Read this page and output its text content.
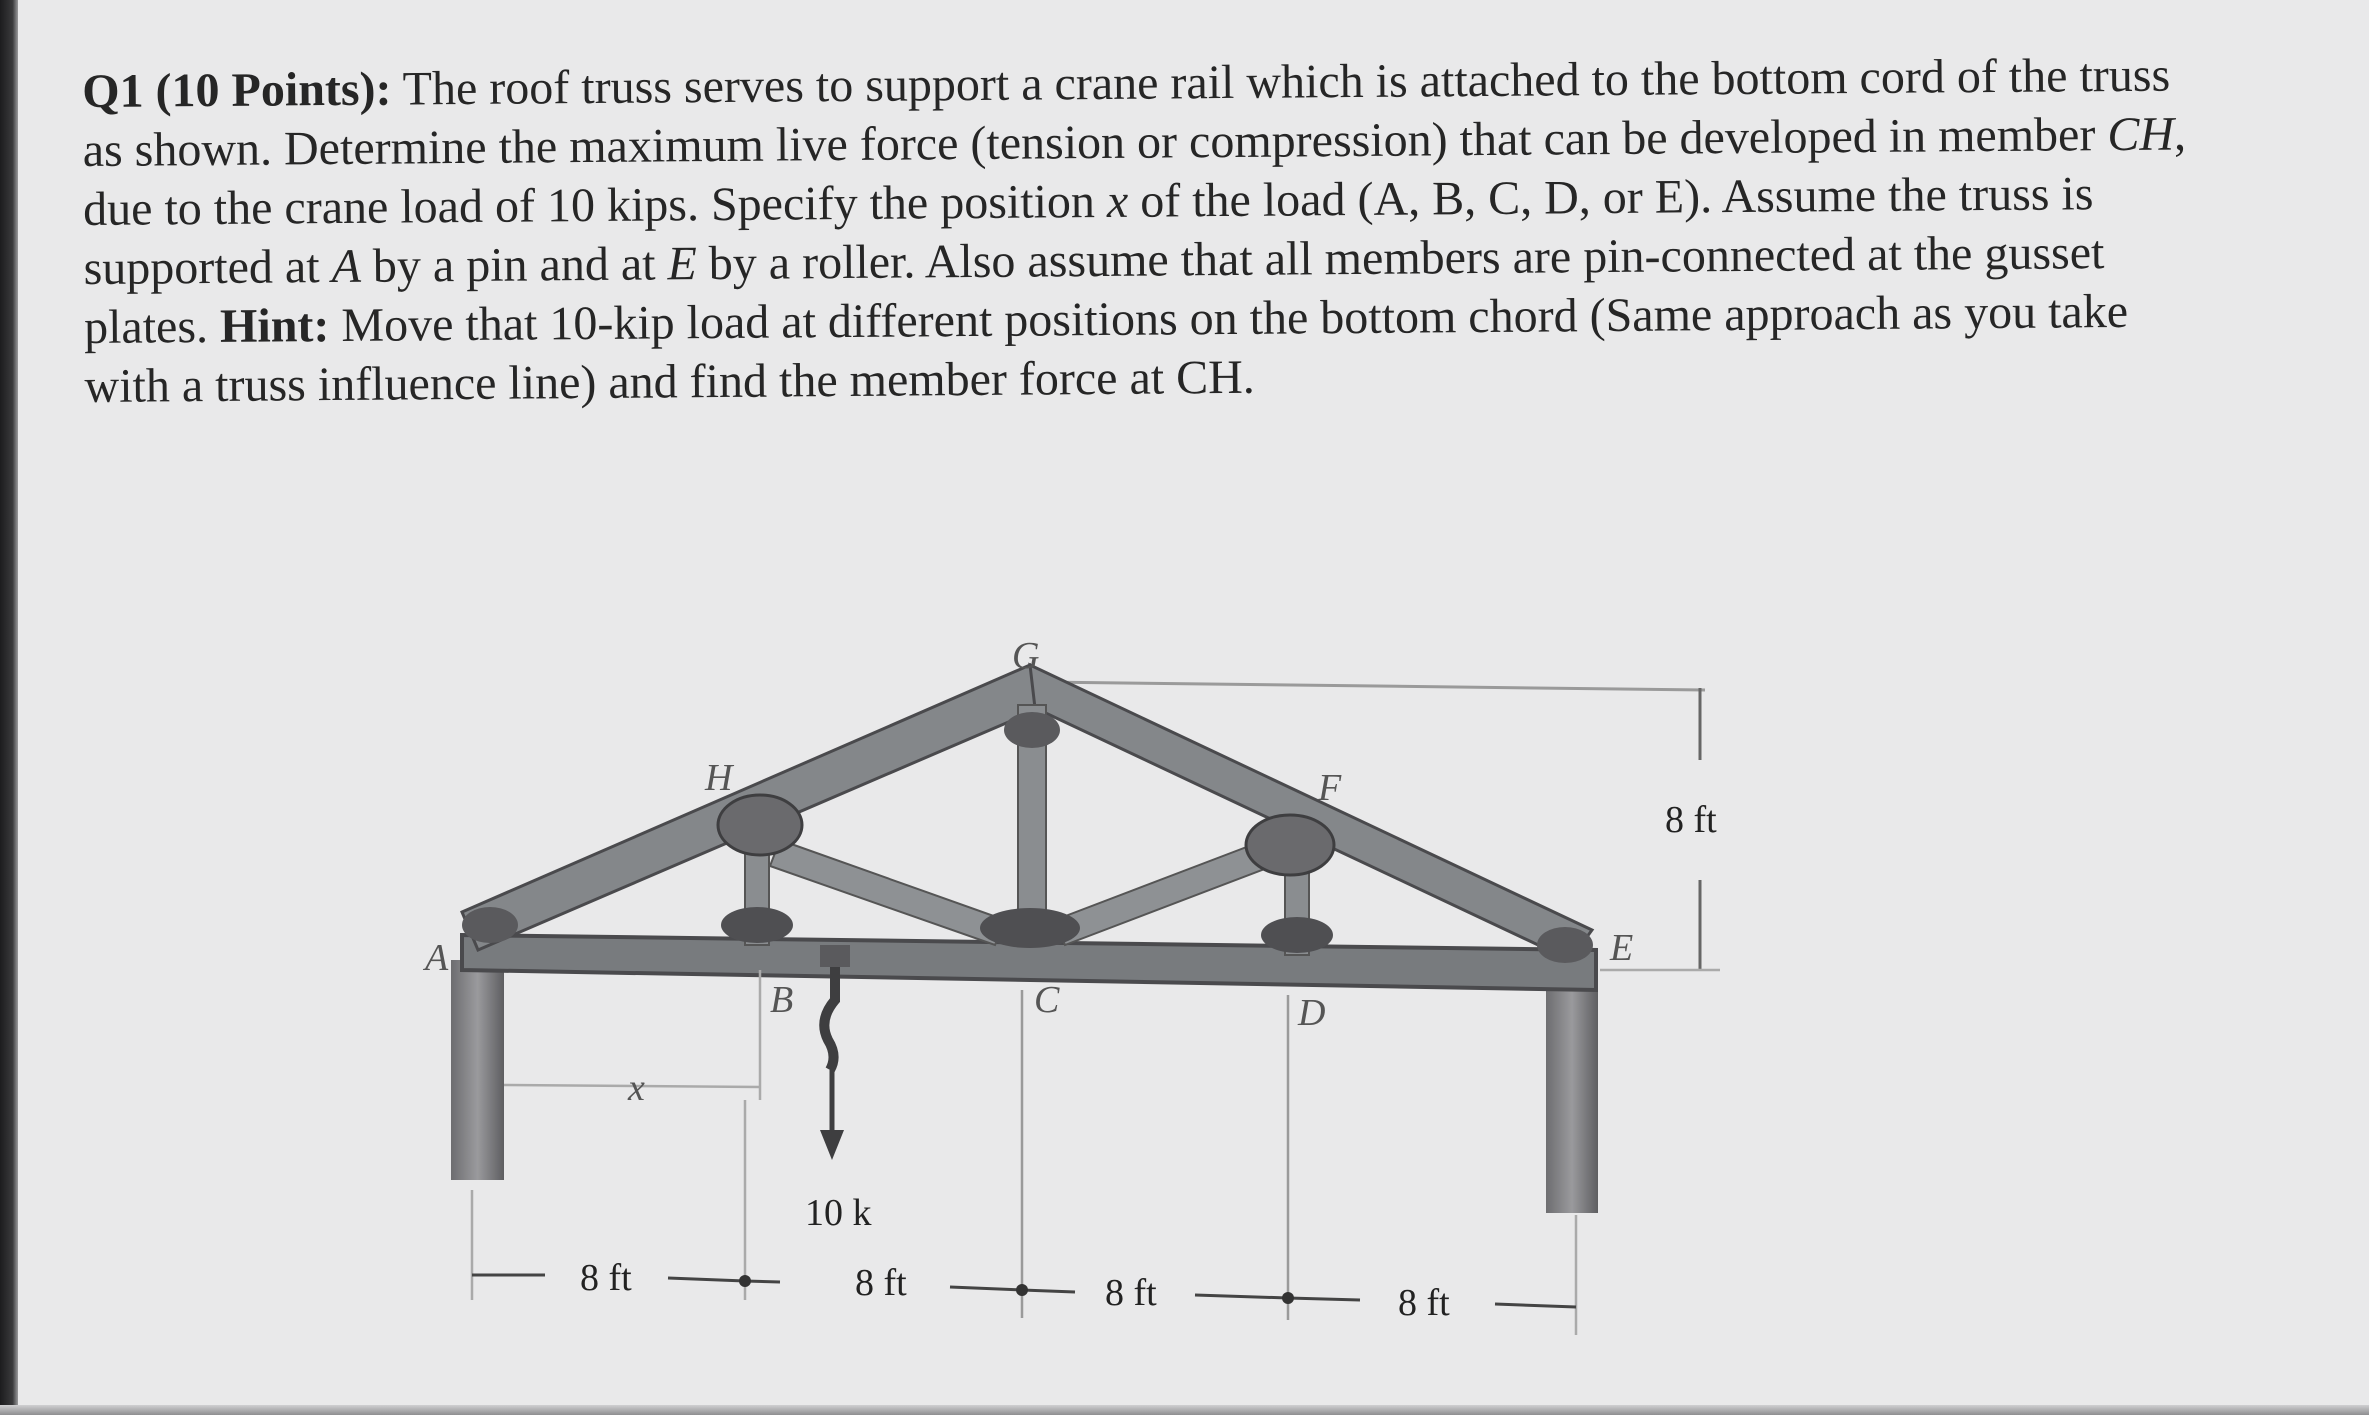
Q1 (10 Points): The roof truss serves to support a crane rail which is attached to the bottom cord of the truss as shown. Determine the maximum live force (tension or compression) that can be developed in member CH, due to the crane load of 10 kips. Specify the position x of the load (A, B, C, D, or E). Assume the truss is supported at A by a pin and at E by a roller. Also assume that all members are pin-connected at the gusset plates. Hint: Move that 10-kip load at different positions on the bottom chord (Same approach as you take with a truss influence line) and find the member force at CH.
10 k
x
A
B	C	D
E
F
G
H
8 ft	8 ft	8 ft	8 ft
8 ft
